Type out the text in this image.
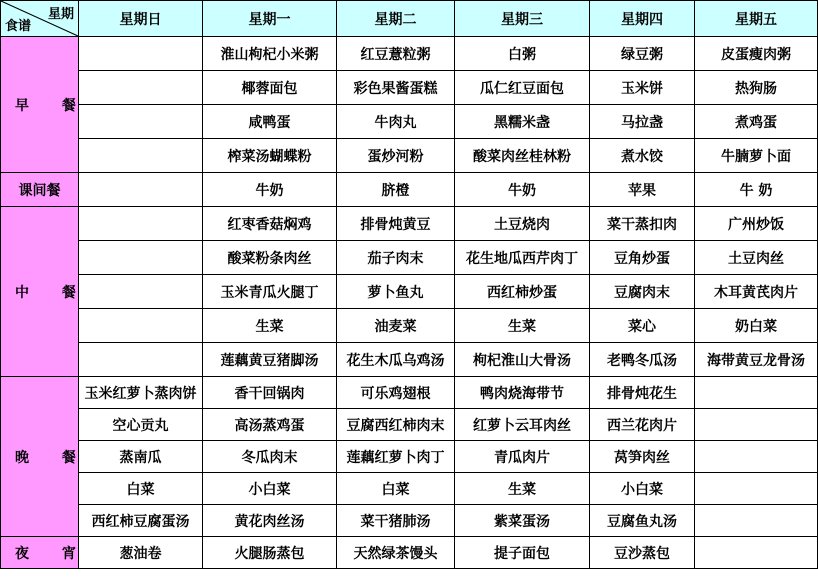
星期
食谱	星期日	星期一	星期二	星期三	星期四	星期五
早 餐		淮山枸杞小米粥	红豆薏粒粥	白粥	绿豆粥	皮蛋瘦肉粥
		椰蓉面包	彩色果酱蛋糕	瓜仁红豆面包	玉米饼	热狗肠
		咸鸭蛋	牛肉丸	黑糯米盏	马拉盏	煮鸡蛋
		榨菜汤蝴蝶粉	蛋炒河粉	酸菜肉丝桂林粉	煮水饺	牛腩萝卜面
课间餐		牛奶	脐橙	牛奶	苹果	牛 奶
中 餐		红枣香菇焖鸡	排骨炖黄豆	土豆烧肉	菜干蒸扣肉	广州炒饭
		酸菜粉条肉丝	茄子肉末	花生地瓜西芹肉丁	豆角炒蛋	土豆肉丝
		玉米青瓜火腿丁	萝卜鱼丸	西红柿炒蛋	豆腐肉末	木耳黄芪肉片
		生菜	油麦菜	生菜	菜心	奶白菜
		莲藕黄豆猪脚汤	花生木瓜乌鸡汤	枸杞淮山大骨汤	老鸭冬瓜汤	海带黄豆龙骨汤
晚 餐	玉米红萝卜蒸肉饼	香干回锅肉	可乐鸡翅根	鸭肉烧海带节	排骨炖花生	
	空心贡丸	高汤蒸鸡蛋	豆腐西红柿肉末	红萝卜云耳肉丝	西兰花肉片	
	蒸南瓜	冬瓜肉末	莲藕红萝卜肉丁	青瓜肉片	莴笋肉丝	
	白菜	小白菜	白菜	生菜	小白菜	
	西红柿豆腐蛋汤	黄花肉丝汤	菜干猪肺汤	紫菜蛋汤	豆腐鱼丸汤	
夜 宵	葱油卷	火腿肠蒸包	天然绿茶馒头	提子面包	豆沙蒸包	
